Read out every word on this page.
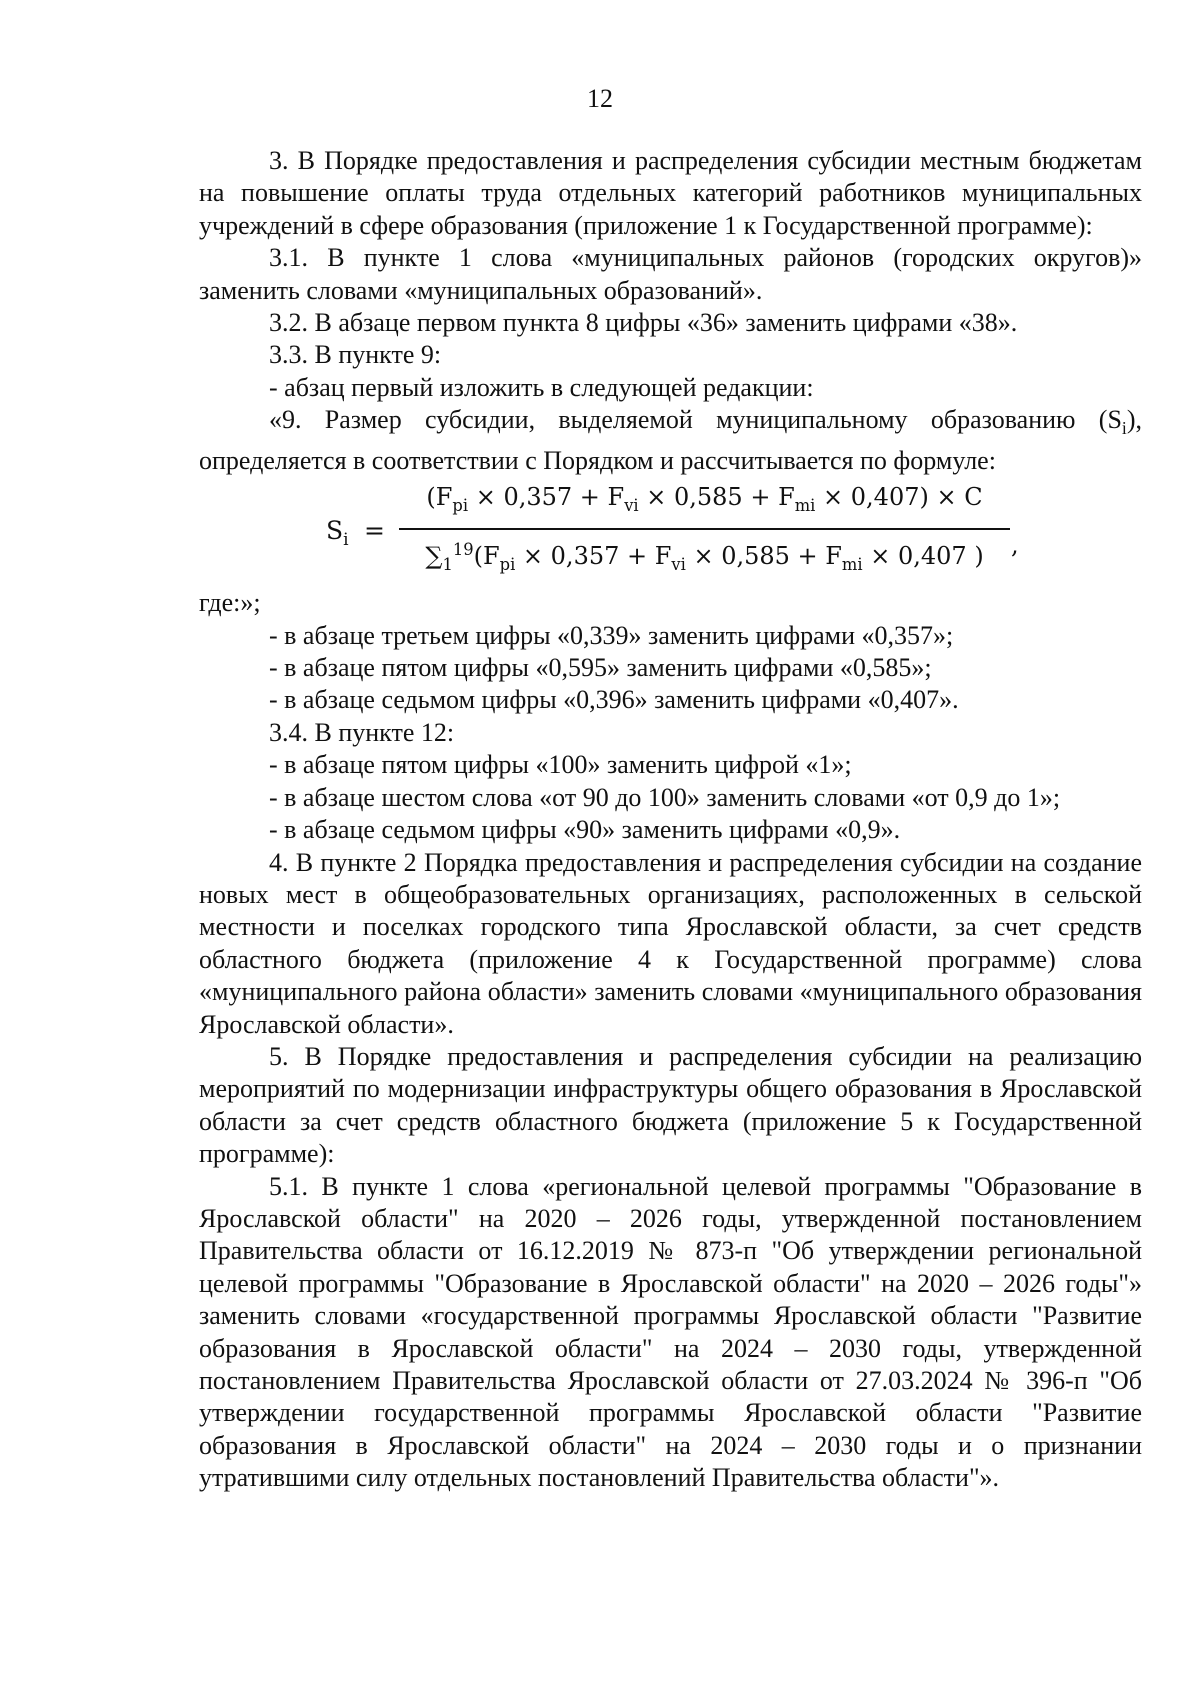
12

3. В Порядке предоставления и распределения субсидии местным бюджетам на повышение оплаты труда отдельных категорий работников муниципальных учреждений в сфере образования (приложение 1 к Государственной программе):

3.1. В пункте 1 слова «муниципальных районов (городских округов)» заменить словами «муниципальных образований».

3.2. В абзаце первом пункта 8 цифры «36» заменить цифрами «38».

3.3. В пункте 9:

- абзац первый изложить в следующей редакции:

«9. Размер субсидии, выделяемой муниципальному образованию $(S_i)$, определяется в соответствии с Порядком и рассчитывается по формуле:

$S_i$ =
$(F_{pi} \times 0,357 + F_{vi} \times 0,585 + F_{mi} \times 0,407) \times C$
$\sum_1^{19}(F_{pi} \times 0,357 + F_{vi} \times 0,585 + F_{mi} \times 0,407$ )	,

где:»;

- в абзаце третьем цифры «0,339» заменить цифрами «0,357»;

- в абзаце пятом цифры «0,595» заменить цифрами «0,585»;

- в абзаце седьмом цифры «0,396» заменить цифрами «0,407».

3.4. В пункте 12:

- в абзаце пятом цифры «100» заменить цифрой «1»;

- в абзаце шестом слова «от 90 до 100» заменить словами «от 0,9 до 1»;

- в абзаце седьмом цифры «90» заменить цифрами «0,9».

4. В пункте 2 Порядка предоставления и распределения субсидии на создание новых мест в общеобразовательных организациях, расположенных в сельской местности и поселках городского типа Ярославской области, за счет средств областного бюджета (приложение 4 к Государственной программе) слова «муниципального района области» заменить словами «муниципального образования Ярославской области».

5. В Порядке предоставления и распределения субсидии на реализацию мероприятий по модернизации инфраструктуры общего образования в Ярославской области за счет средств областного бюджета (приложение 5 к Государственной программе):

5.1. В пункте 1 слова «региональной целевой программы "Образование в Ярославской области" на 2020 – 2026 годы, утвержденной постановлением Правительства области от 16.12.2019 № 873-п "Об утверждении региональной целевой программы "Образование в Ярославской области" на 2020 – 2026 годы"» заменить словами «государственной программы Ярославской области "Развитие образования в Ярославской области" на 2024 – 2030 годы, утвержденной постановлением Правительства Ярославской области от 27.03.2024 № 396-п "Об утверждении государственной программы Ярославской области "Развитие образования в Ярославской области" на 2024 – 2030 годы и о признании утратившими силу отдельных постановлений Правительства области"».
